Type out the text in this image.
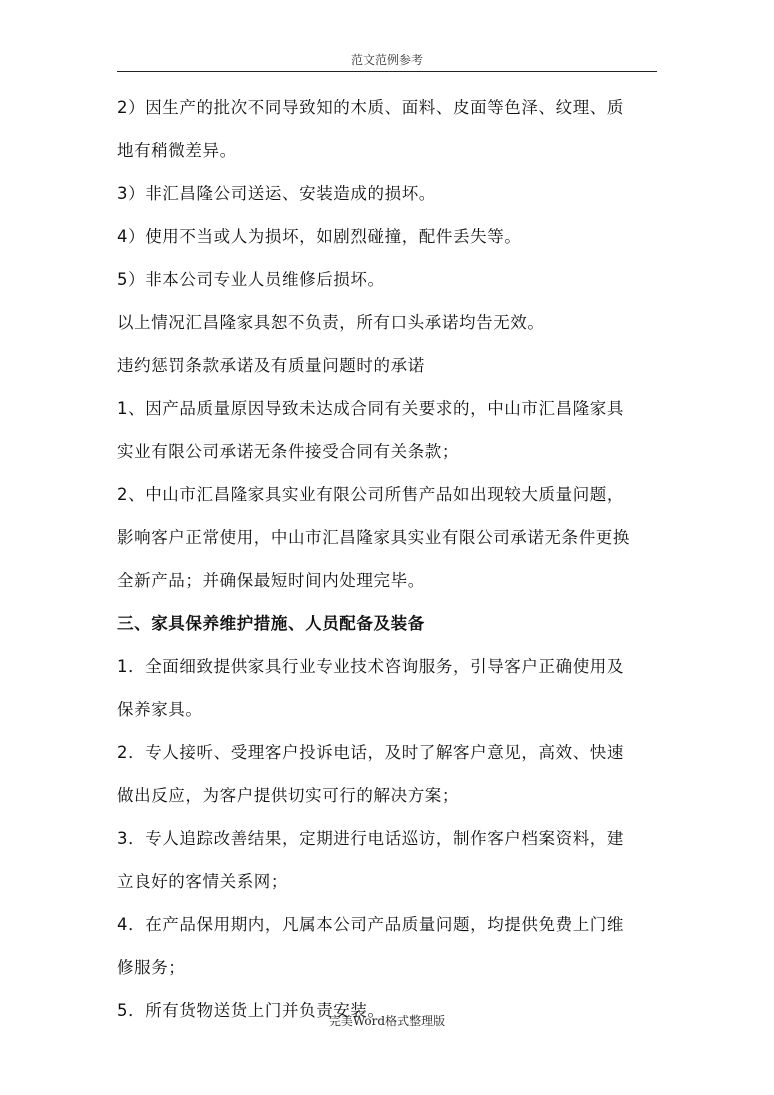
范文范例参考
2）因生产的批次不同导致知的木质、面料、皮面等色泽、纹理、质
地有稍微差异。
3）非汇昌隆公司送运、安装造成的损坏。
4）使用不当或人为损坏，如剧烈碰撞，配件丢失等。
5）非本公司专业人员维修后损坏。
以上情况汇昌隆家具恕不负责，所有口头承诺均告无效。
违约惩罚条款承诺及有质量问题时的承诺
1、因产品质量原因导致未达成合同有关要求的，中山市汇昌隆家具
实业有限公司承诺无条件接受合同有关条款；
2、中山市汇昌隆家具实业有限公司所售产品如出现较大质量问题，
影响客户正常使用，中山市汇昌隆家具实业有限公司承诺无条件更换
全新产品；并确保最短时间内处理完毕。
三、家具保养维护措施、人员配备及装备
1．全面细致提供家具行业专业技术咨询服务，引导客户正确使用及
保养家具。
2．专人接听、受理客户投诉电话，及时了解客户意见，高效、快速
做出反应，为客户提供切实可行的解决方案；
3．专人追踪改善结果，定期进行电话巡访，制作客户档案资料，建
立良好的客情关系网；
4．在产品保用期内，凡属本公司产品质量问题，均提供免费上门维
修服务；
5．所有货物送货上门并负责安装。
完美Word格式整理版
